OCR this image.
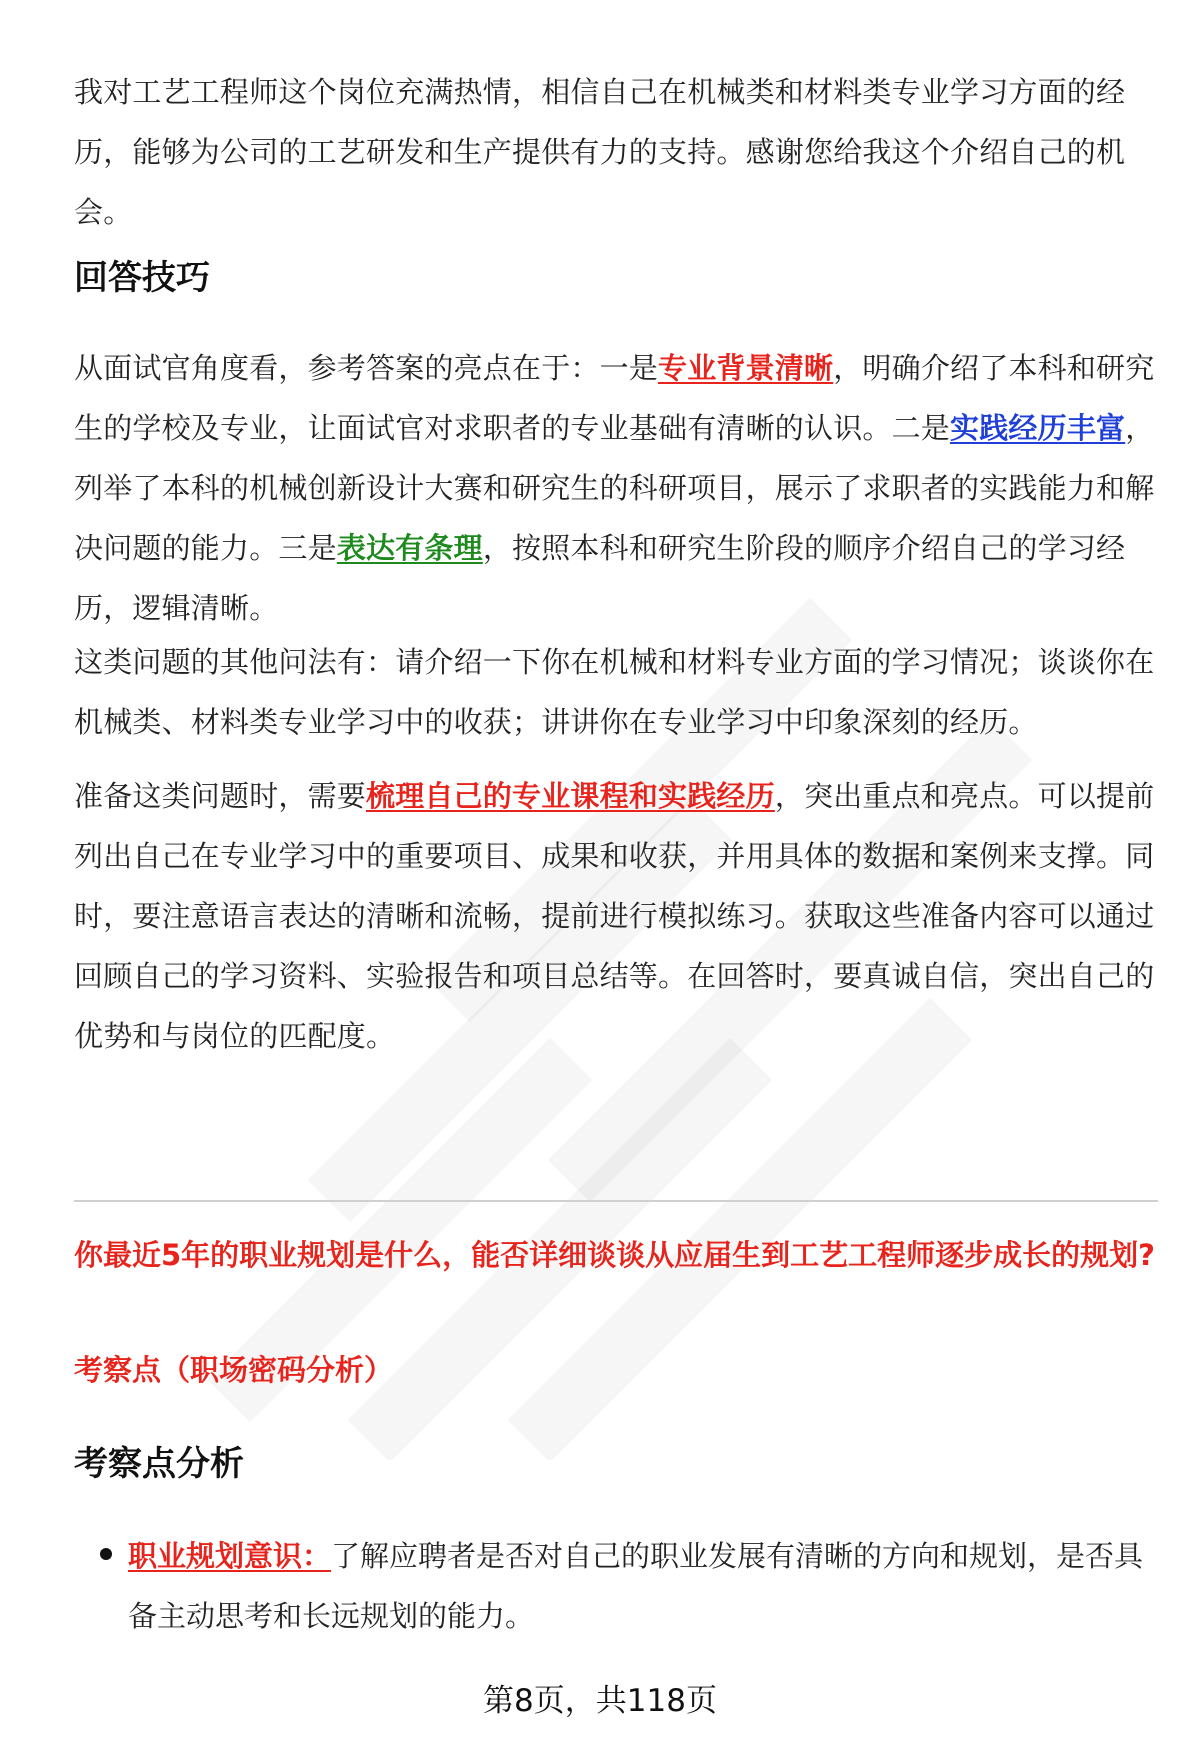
我对工艺工程师这个岗位充满热情，相信自己在机械类和材料类专业学习方面的经历，能够为公司的工艺研发和生产提供有力的支持。感谢您给我这个介绍自己的机会。

回答技巧

从面试官角度看，参考答案的亮点在于：一是专业背景清晰，明确介绍了本科和研究生的学校及专业，让面试官对求职者的专业基础有清晰的认识。二是实践经历丰富，列举了本科的机械创新设计大赛和研究生的科研项目，展示了求职者的实践能力和解决问题的能力。三是表达有条理，按照本科和研究生阶段的顺序介绍自己的学习经历，逻辑清晰。

这类问题的其他问法有：请介绍一下你在机械和材料专业方面的学习情况；谈谈你在机械类、材料类专业学习中的收获；讲讲你在专业学习中印象深刻的经历。

准备这类问题时，需要梳理自己的专业课程和实践经历，突出重点和亮点。可以提前列出自己在专业学习中的重要项目、成果和收获，并用具体的数据和案例来支撑。同时，要注意语言表达的清晰和流畅，提前进行模拟练习。获取这些准备内容可以通过回顾自己的学习资料、实验报告和项目总结等。在回答时，要真诚自信，突出自己的优势和与岗位的匹配度。

你最近5年的职业规划是什么，能否详细谈谈从应届生到工艺工程师逐步成长的规划?

考察点（职场密码分析）

考察点分析
职业规划意识：了解应聘者是否对自己的职业发展有清晰的方向和规划，是否具备主动思考和长远规划的能力。
第8页，共118页
